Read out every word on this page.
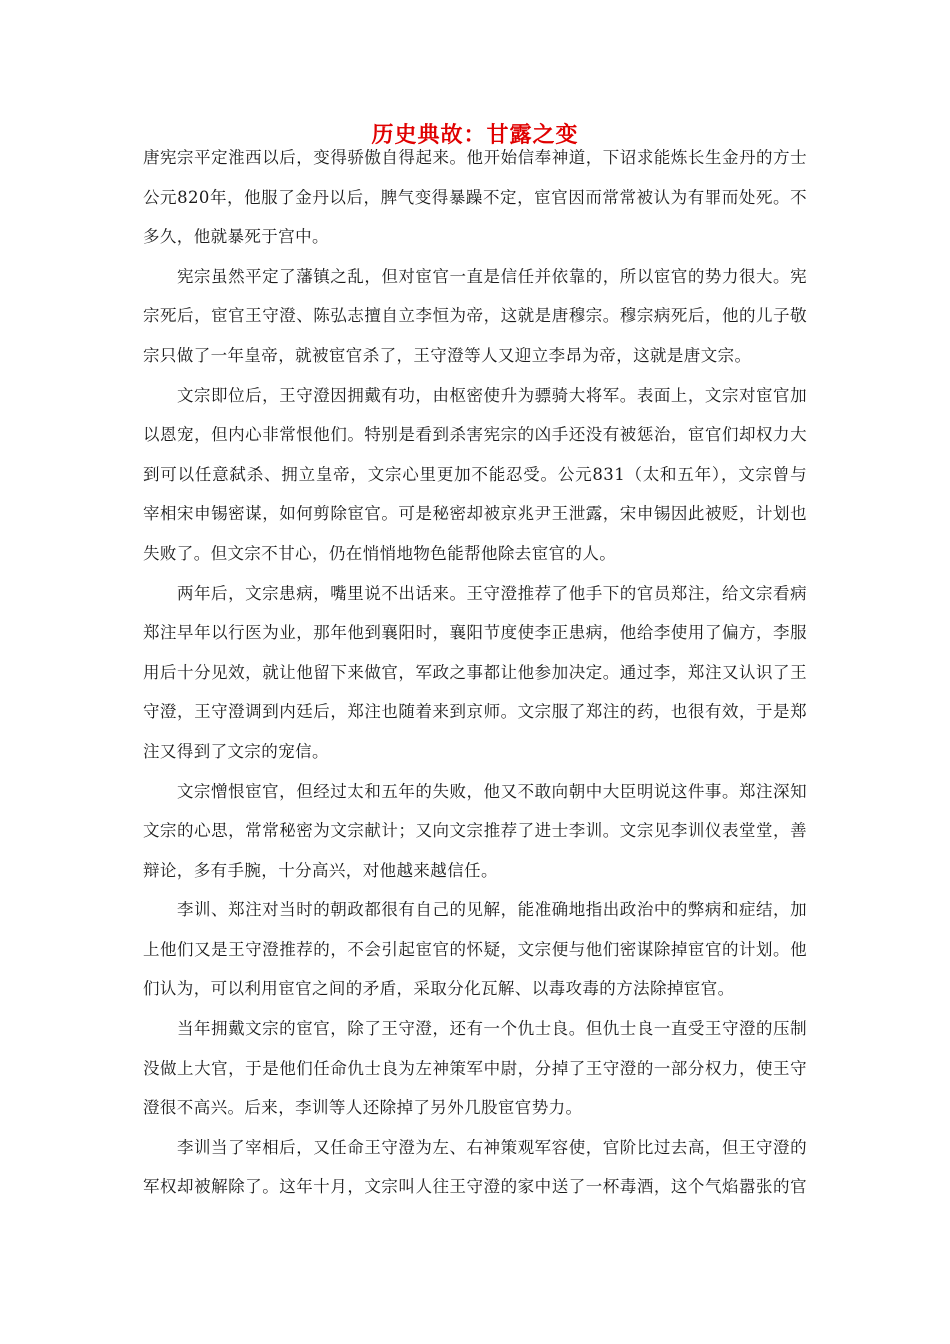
历史典故：甘露之变
唐宪宗平定淮西以后，变得骄傲自得起来。他开始信奉神道，下诏求能炼长生金丹的方士
公元820年，他服了金丹以后，脾气变得暴躁不定，宦官因而常常被认为有罪而处死。不
多久，他就暴死于宫中。
宪宗虽然平定了藩镇之乱，但对宦官一直是信任并依靠的，所以宦官的势力很大。宪
宗死后，宦官王守澄、陈弘志擅自立李恒为帝，这就是唐穆宗。穆宗病死后，他的儿子敬
宗只做了一年皇帝，就被宦官杀了，王守澄等人又迎立李昂为帝，这就是唐文宗。
文宗即位后，王守澄因拥戴有功，由枢密使升为骠骑大将军。表面上，文宗对宦官加
以恩宠，但内心非常恨他们。特别是看到杀害宪宗的凶手还没有被惩治，宦官们却权力大
到可以任意弑杀、拥立皇帝，文宗心里更加不能忍受。公元831（太和五年），文宗曾与
宰相宋申锡密谋，如何剪除宦官。可是秘密却被京兆尹王泄露，宋申锡因此被贬，计划也
失败了。但文宗不甘心，仍在悄悄地物色能帮他除去宦官的人。
两年后，文宗患病，嘴里说不出话来。王守澄推荐了他手下的官员郑注，给文宗看病
郑注早年以行医为业，那年他到襄阳时，襄阳节度使李正患病，他给李使用了偏方，李服
用后十分见效，就让他留下来做官，军政之事都让他参加决定。通过李，郑注又认识了王
守澄，王守澄调到内廷后，郑注也随着来到京师。文宗服了郑注的药，也很有效，于是郑
注又得到了文宗的宠信。
文宗憎恨宦官，但经过太和五年的失败，他又不敢向朝中大臣明说这件事。郑注深知
文宗的心思，常常秘密为文宗献计；又向文宗推荐了进士李训。文宗见李训仪表堂堂，善
辩论，多有手腕，十分高兴，对他越来越信任。
李训、郑注对当时的朝政都很有自己的见解，能准确地指出政治中的弊病和症结，加
上他们又是王守澄推荐的，不会引起宦官的怀疑，文宗便与他们密谋除掉宦官的计划。他
们认为，可以利用宦官之间的矛盾，采取分化瓦解、以毒攻毒的方法除掉宦官。
当年拥戴文宗的宦官，除了王守澄，还有一个仇士良。但仇士良一直受王守澄的压制
没做上大官，于是他们任命仇士良为左神策军中尉，分掉了王守澄的一部分权力，使王守
澄很不高兴。后来，李训等人还除掉了另外几股宦官势力。
李训当了宰相后，又任命王守澄为左、右神策观军容使，官阶比过去高，但王守澄的
军权却被解除了。这年十月，文宗叫人往王守澄的家中送了一杯毒酒，这个气焰嚣张的官
